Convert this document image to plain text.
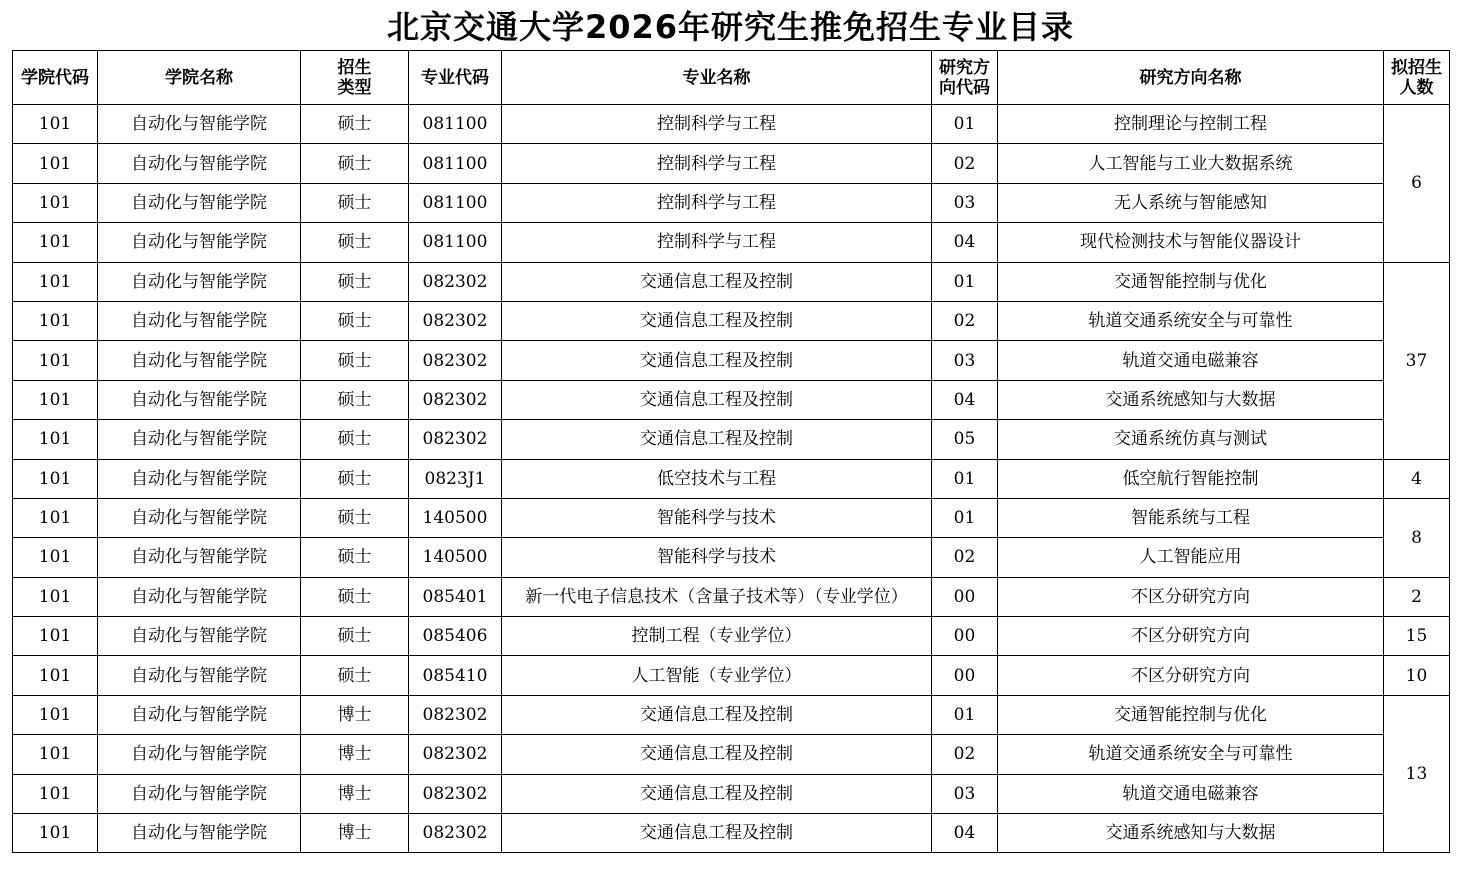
北京交通大学2026年研究生推免招生专业目录
学院代码	学院名称	招生类型	专业代码	专业名称	研究方向代码	研究方向名称	拟招生人数
101	自动化与智能学院	硕士	081100	控制科学与工程	01	控制理论与控制工程	6
101	自动化与智能学院	硕士	081100	控制科学与工程	02	人工智能与工业大数据系统	
101	自动化与智能学院	硕士	081100	控制科学与工程	03	无人系统与智能感知	
101	自动化与智能学院	硕士	081100	控制科学与工程	04	现代检测技术与智能仪器设计	
101	自动化与智能学院	硕士	082302	交通信息工程及控制	01	交通智能控制与优化	37
101	自动化与智能学院	硕士	082302	交通信息工程及控制	02	轨道交通系统安全与可靠性	
101	自动化与智能学院	硕士	082302	交通信息工程及控制	03	轨道交通电磁兼容	
101	自动化与智能学院	硕士	082302	交通信息工程及控制	04	交通系统感知与大数据	
101	自动化与智能学院	硕士	082302	交通信息工程及控制	05	交通系统仿真与测试	
101	自动化与智能学院	硕士	0823J1	低空技术与工程	01	低空航行智能控制	4
101	自动化与智能学院	硕士	140500	智能科学与技术	01	智能系统与工程	8
101	自动化与智能学院	硕士	140500	智能科学与技术	02	人工智能应用	
101	自动化与智能学院	硕士	085401	新一代电子信息技术（含量子技术等）（专业学位）	00	不区分研究方向	2
101	自动化与智能学院	硕士	085406	控制工程（专业学位）	00	不区分研究方向	15
101	自动化与智能学院	硕士	085410	人工智能（专业学位）	00	不区分研究方向	10
101	自动化与智能学院	博士	082302	交通信息工程及控制	01	交通智能控制与优化	13
101	自动化与智能学院	博士	082302	交通信息工程及控制	02	轨道交通系统安全与可靠性	
101	自动化与智能学院	博士	082302	交通信息工程及控制	03	轨道交通电磁兼容	
101	自动化与智能学院	博士	082302	交通信息工程及控制	04	交通系统感知与大数据	
